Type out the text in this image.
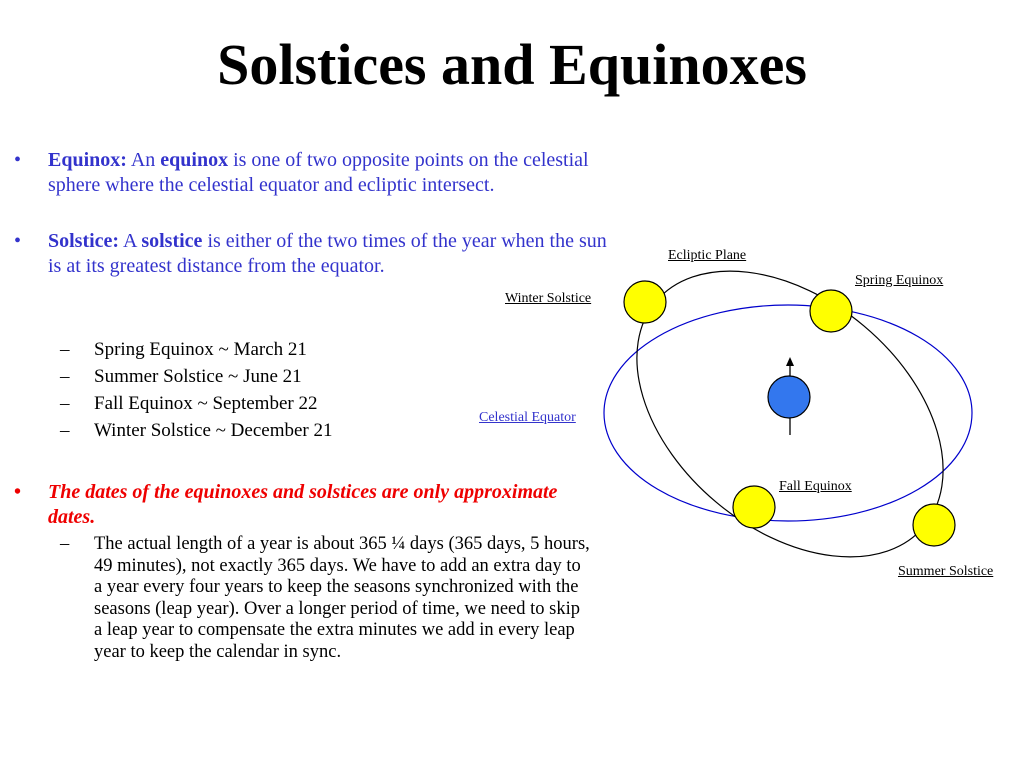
Solstices and Equinoxes
• Equinox: An equinox is one of two opposite points on the celestial sphere where the celestial equator and ecliptic intersect.
• Solstice: A solstice is either of the two times of the year when the sun is at its greatest distance from the equator.
– Spring Equinox ~ March 21
– Summer Solstice ~ June 21
– Fall Equinox ~ September 22
– Winter Solstice ~ December 21
• The dates of the equinoxes and solstices are only approximate dates.
– The actual length of a year is about 365 ¼ days (365 days, 5 hours, 49 minutes), not exactly 365 days. We have to add an extra day to a year every four years to keep the seasons synchronized with the seasons (leap year). Over a longer period of time, we need to skip a leap year to compensate the extra minutes we add in every leap year to keep the calendar in sync.
Ecliptic Plane
Spring Equinox
Winter Solstice
Celestial Equator
Fall Equinox
Summer Solstice
